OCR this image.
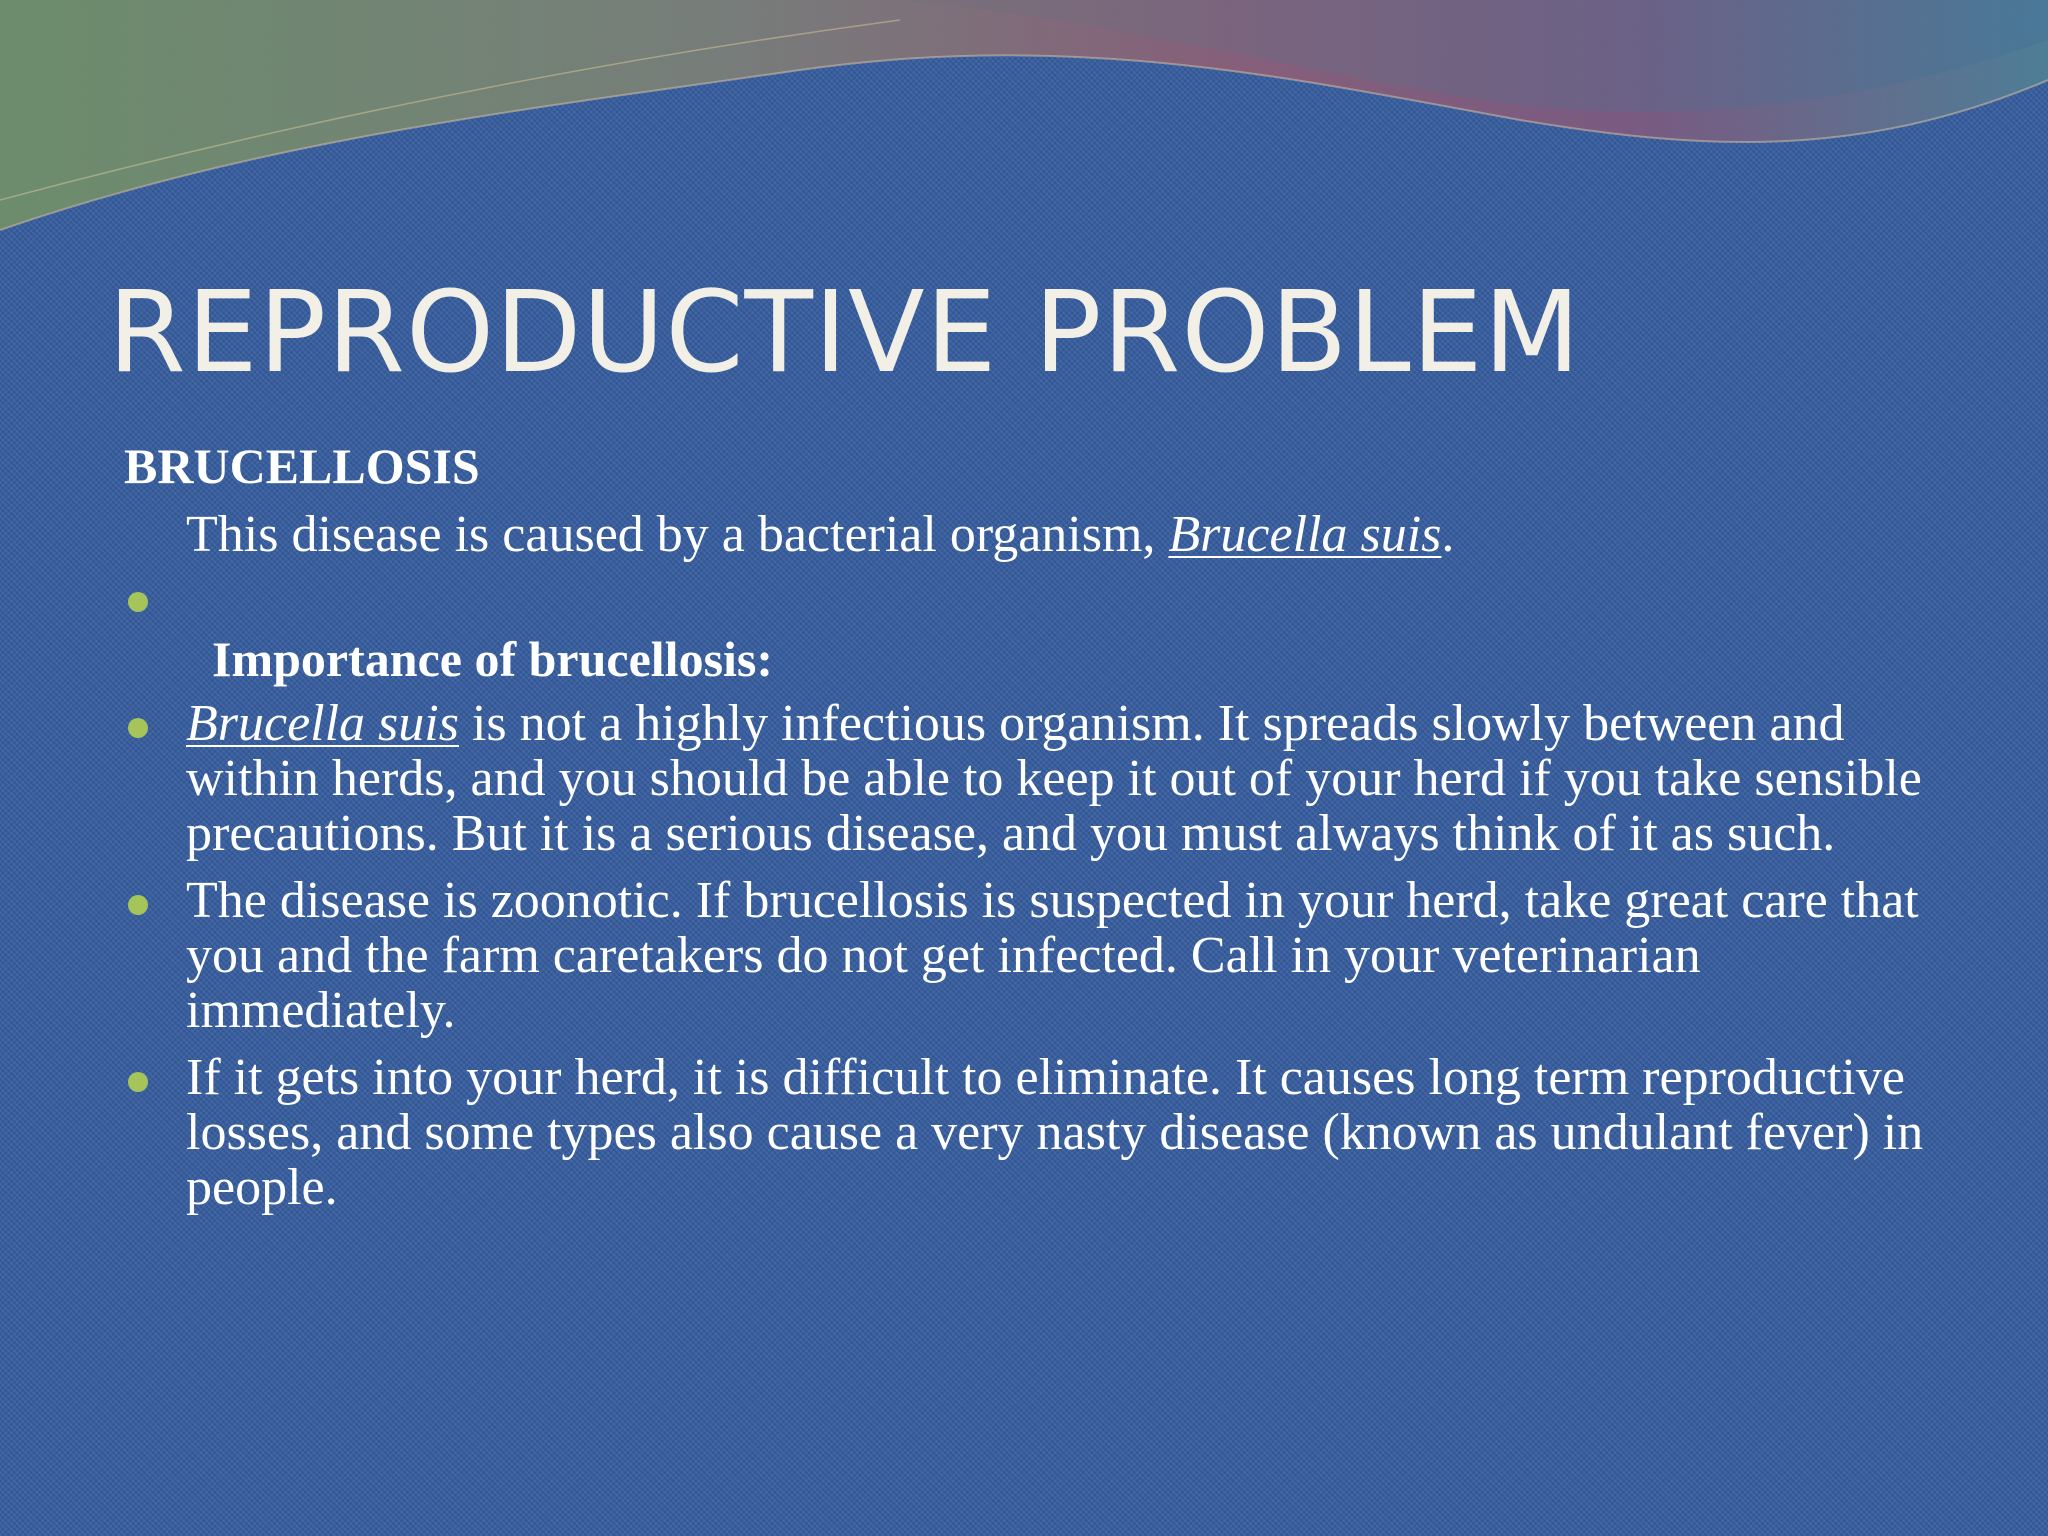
REPRODUCTIVE PROBLEM
BRUCELLOSIS
This disease is caused by a bacterial organism, Brucella suis.
Importance of brucellosis:
Brucella suis is not a highly infectious organism. It spreads slowly between and within herds, and you should be able to keep it out of your herd if you take sensible precautions. But it is a serious disease, and you must always think of it as such.
The disease is zoonotic. If brucellosis is suspected in your herd, take great care that you and the farm caretakers do not get infected. Call in your veterinarian immediately.
If it gets into your herd, it is difficult to eliminate. It causes long term reproductive losses, and some types also cause a very nasty disease (known as undulant fever) in people.
